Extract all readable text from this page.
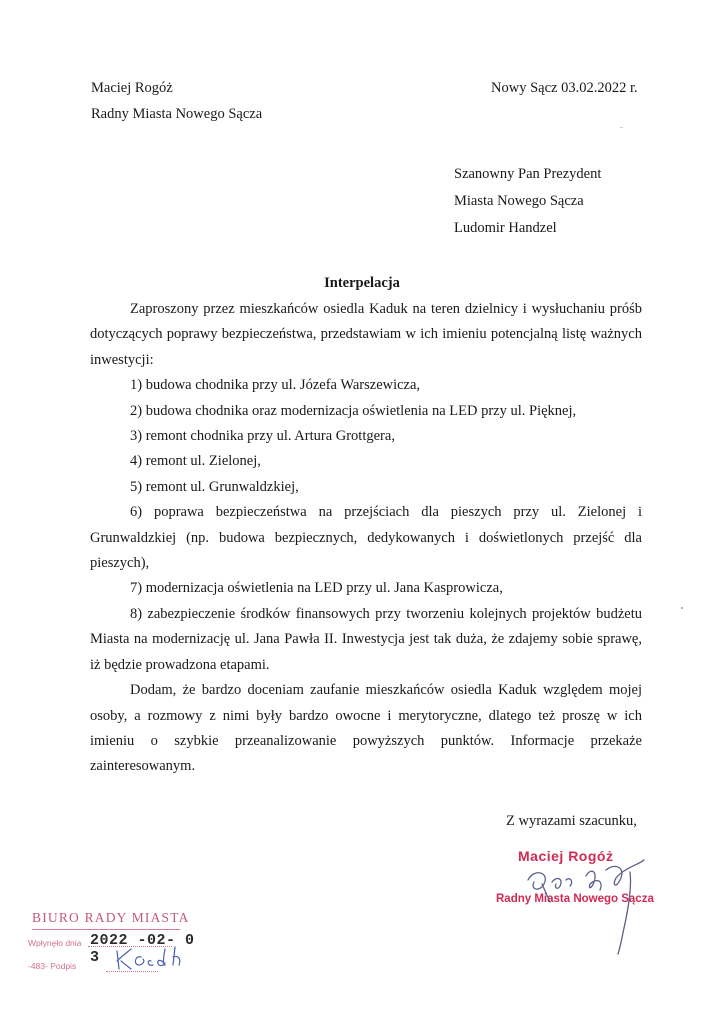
Maciej Rogóż
Radny Miasta Nowego Sącza
Nowy Sącz 03.02.2022 r.
Szanowny Pan Prezydent
Miasta Nowego Sącza
Ludomir Handzel
Interpelacja

Zaproszony przez mieszkańców osiedla Kaduk na teren dzielnicy i wysłuchaniu próśb dotyczących poprawy bezpieczeństwa, przedstawiam w ich imieniu potencjalną listę ważnych inwestycji:

1) budowa chodnika przy ul. Józefa Warszewicza,
2) budowa chodnika oraz modernizacja oświetlenia na LED przy ul. Pięknej,
3) remont chodnika przy ul. Artura Grottgera,
4) remont ul. Zielonej,
5) remont ul. Grunwaldzkiej,
6) poprawa bezpieczeństwa na przejściach dla pieszych przy ul. Zielonej i Grunwaldzkiej (np. budowa bezpiecznych, dedykowanych i doświetlonych przejść dla pieszych),
7) modernizacja oświetlenia na LED przy ul. Jana Kasprowicza,
8) zabezpieczenie środków finansowych przy tworzeniu kolejnych projektów budżetu Miasta na modernizację ul. Jana Pawła II. Inwestycja jest tak duża, że zdajemy sobie sprawę, iż będzie prowadzona etapami.

Dodam, że bardzo doceniam zaufanie mieszkańców osiedla Kaduk względem mojej osoby, a rozmowy z nimi były bardzo owocne i merytoryczne, dlatego też proszę w ich imieniu o szybkie przeanalizowanie powyższych punktów. Informacje przekaże zainteresowanym.

Z wyrazami szacunku,
Maciej Rogóż
Radny Miasta Nowego Sącza
BIURO RADY MIASTA
Wpłynęło dnia 2022 -02- 0 3
-483- Podpis
